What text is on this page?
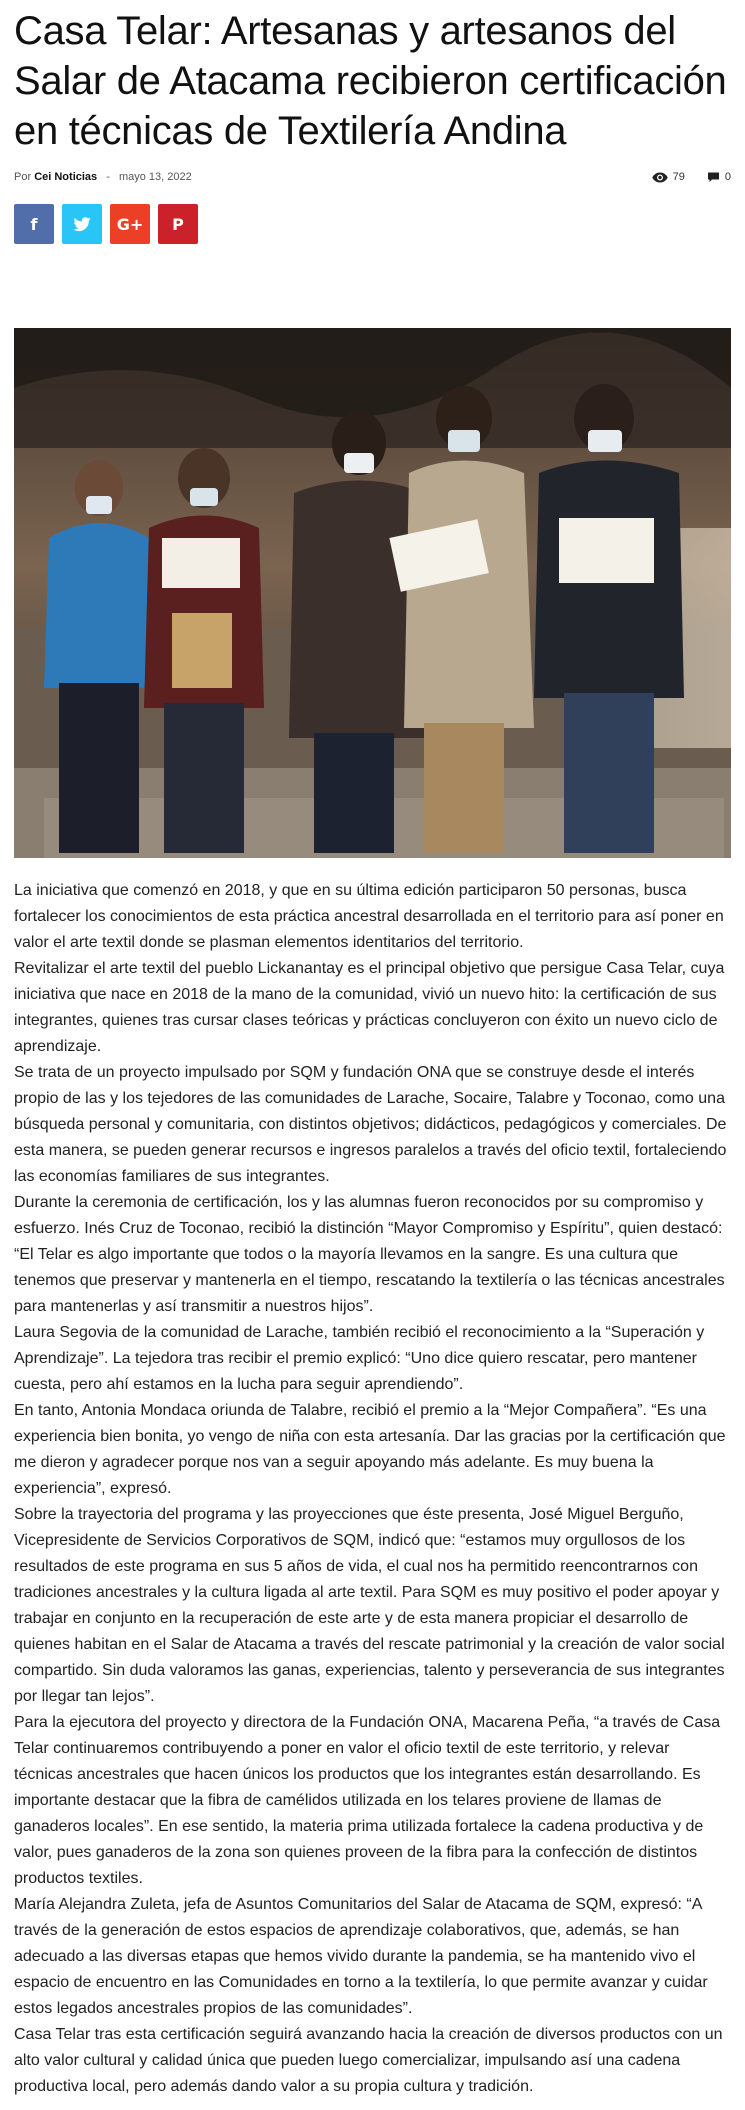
Casa Telar: Artesanas y artesanos del Salar de Atacama recibieron certificación en técnicas de Textilería Andina
Por Cei Noticias - mayo 13, 2022	79	0
f	G+ P

La iniciativa que comenzó en 2018, y que en su última edición participaron 50 personas, busca fortalecer los conocimientos de esta práctica ancestral desarrollada en el territorio para así poner en valor el arte textil donde se plasman elementos identitarios del territorio.

Revitalizar el arte textil del pueblo Lickanantay es el principal objetivo que persigue Casa Telar, cuya iniciativa que nace en 2018 de la mano de la comunidad, vivió un nuevo hito: la certificación de sus integrantes, quienes tras cursar clases teóricas y prácticas concluyeron con éxito un nuevo ciclo de aprendizaje.

Se trata de un proyecto impulsado por SQM y fundación ONA que se construye desde el interés propio de las y los tejedores de las comunidades de Larache, Socaire, Talabre y Toconao, como una búsqueda personal y comunitaria, con distintos objetivos; didácticos, pedagógicos y comerciales. De esta manera, se pueden generar recursos e ingresos paralelos a través del oficio textil, fortaleciendo las economías familiares de sus integrantes.

Durante la ceremonia de certificación, los y las alumnas fueron reconocidos por su compromiso y esfuerzo. Inés Cruz de Toconao, recibió la distinción “Mayor Compromiso y Espíritu”, quien destacó: “El Telar es algo importante que todos o la mayoría llevamos en la sangre. Es una cultura que tenemos que preservar y mantenerla en el tiempo, rescatando la textilería o las técnicas ancestrales para mantenerlas y así transmitir a nuestros hijos”.

Laura Segovia de la comunidad de Larache, también recibió el reconocimiento a la “Superación y Aprendizaje”. La tejedora tras recibir el premio explicó: “Uno dice quiero rescatar, pero mantener cuesta, pero ahí estamos en la lucha para seguir aprendiendo”.

En tanto, Antonia Mondaca oriunda de Talabre, recibió el premio a la “Mejor Compañera”. “Es una experiencia bien bonita, yo vengo de niña con esta artesanía. Dar las gracias por la certificación que me dieron y agradecer porque nos van a seguir apoyando más adelante. Es muy buena la experiencia”, expresó.

Sobre la trayectoria del programa y las proyecciones que éste presenta, José Miguel Berguño, Vicepresidente de Servicios Corporativos de SQM, indicó que: “estamos muy orgullosos de los resultados de este programa en sus 5 años de vida, el cual nos ha permitido reencontrarnos con tradiciones ancestrales y la cultura ligada al arte textil. Para SQM es muy positivo el poder apoyar y trabajar en conjunto en la recuperación de este arte y de esta manera propiciar el desarrollo de quienes habitan en el Salar de Atacama a través del rescate patrimonial y la creación de valor social compartido. Sin duda valoramos las ganas, experiencias, talento y perseverancia de sus integrantes por llegar tan lejos”.

Para la ejecutora del proyecto y directora de la Fundación ONA, Macarena Peña, “a través de Casa Telar continuaremos contribuyendo a poner en valor el oficio textil de este territorio, y relevar técnicas ancestrales que hacen únicos los productos que los integrantes están desarrollando. Es importante destacar que la fibra de camélidos utilizada en los telares proviene de llamas de ganaderos locales”. En ese sentido, la materia prima utilizada fortalece la cadena productiva y de valor, pues ganaderos de la zona son quienes proveen de la fibra para la confección de distintos productos textiles.

María Alejandra Zuleta, jefa de Asuntos Comunitarios del Salar de Atacama de SQM, expresó: “A través de la generación de estos espacios de aprendizaje colaborativos, que, además, se han adecuado a las diversas etapas que hemos vivido durante la pandemia, se ha mantenido vivo el espacio de encuentro en las Comunidades en torno a la textilería, lo que permite avanzar y cuidar estos legados ancestrales propios de las comunidades”.

Casa Telar tras esta certificación seguirá avanzando hacia la creación de diversos productos con un alto valor cultural y calidad única que pueden luego comercializar, impulsando así una cadena productiva local, pero además dando valor a su propia cultura y tradición.
